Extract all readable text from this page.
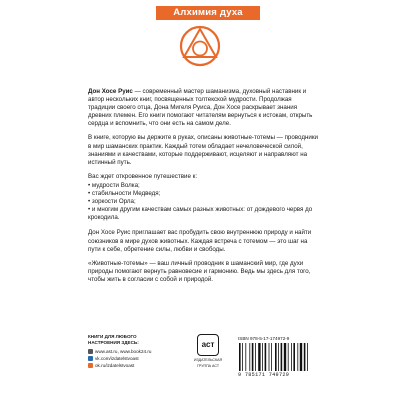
Алхимия духа

Дон Хосе Руис — современный мастер шаманизма, духовный наставник и автор нескольких книг, посвященных толтекской мудрости. Продолжая традиции своего отца, Дона Мигеля Руиса, Дон Хосе раскрывает знания древних племен. Его книги помогают читателям вернуться к истокам, открыть сердца и вспомнить, что они есть на самом деле.

В книге, которую вы держите в руках, описаны животные-тотемы — проводники в мир шаманских практик. Каждый тотем обладает нечеловеческой силой, знаниями и качествами, которые поддерживают, исцеляют и направляют на истинный путь.

Вас ждет откровенное путешествие к:

• мудрости Волка;
• стабильности Медведя;
• зоркости Орла;
• и многим другим качествам самых разных животных: от дождевого червя до крокодила.

Дон Хосе Руис приглашает вас пробудить свою внутреннюю природу и найти союзников в мире духов животных. Каждая встреча с тотемом — это шаг на пути к себе, обретение силы, любви и свободы.

«Животные-тотемы» — ваш личный проводник в шаманский мир, где духи природы помогают вернуть равновесие и гармонию. Ведь мы здесь для того, чтобы жить в согласии с собой и природой.

КНИГИ ДЛЯ ЛЮБОГО
НАСТРОЕНИЯ ЗДЕСЬ:
www.ast.ru, www.book24.ru
vk.com/izdatelstvoast
ok.ru/izdatelstvoast
аст
ИЗДАТЕЛЬСКАЯ
ГРУППА АСТ
ISBN 978-5-17-174972-9
9 785171 749729
